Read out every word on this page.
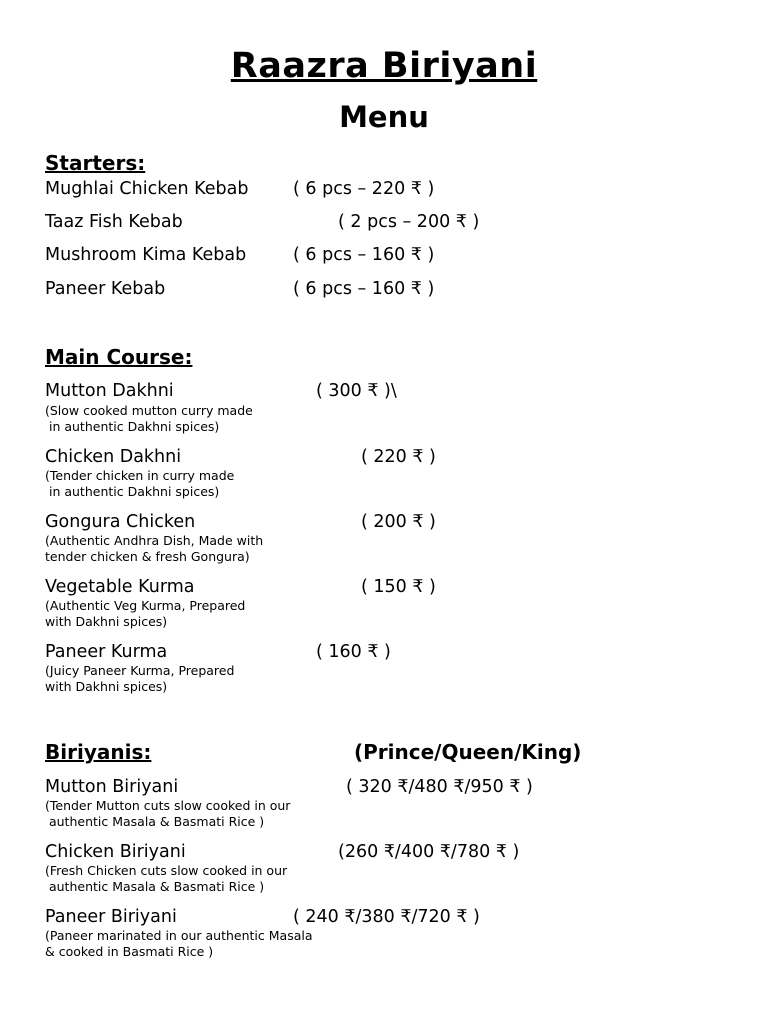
Raazra Biriyani
Menu
Starters:
Mughlai Chicken Kebab	( 6 pcs – 220 ₹ )
Taaz Fish Kebab	( 2 pcs – 200 ₹ )
Mushroom Kima Kebab	( 6 pcs – 160 ₹ )
Paneer Kebab	( 6 pcs – 160 ₹ )
Main Course:
Mutton Dakhni	( 300 ₹ )\
(Slow cooked mutton curry made
in authentic Dakhni spices)
Chicken Dakhni	( 220 ₹ )
(Tender chicken in curry made
in authentic Dakhni spices)
Gongura Chicken	( 200 ₹ )
(Authentic Andhra Dish, Made with
tender chicken & fresh Gongura)
Vegetable Kurma	( 150 ₹ )
(Authentic Veg Kurma, Prepared
with Dakhni spices)
Paneer Kurma	( 160 ₹ )
(Juicy Paneer Kurma, Prepared
with Dakhni spices)
Biriyanis:	(Prince/Queen/King)
Mutton Biriyani	( 320 ₹/480 ₹/950 ₹ )
(Tender Mutton cuts slow cooked in our
authentic Masala & Basmati Rice )
Chicken Biriyani	(260 ₹/400 ₹/780 ₹ )
(Fresh Chicken cuts slow cooked in our
authentic Masala & Basmati Rice )
Paneer Biriyani	( 240 ₹/380 ₹/720 ₹ )
(Paneer marinated in our authentic Masala
& cooked in Basmati Rice )
